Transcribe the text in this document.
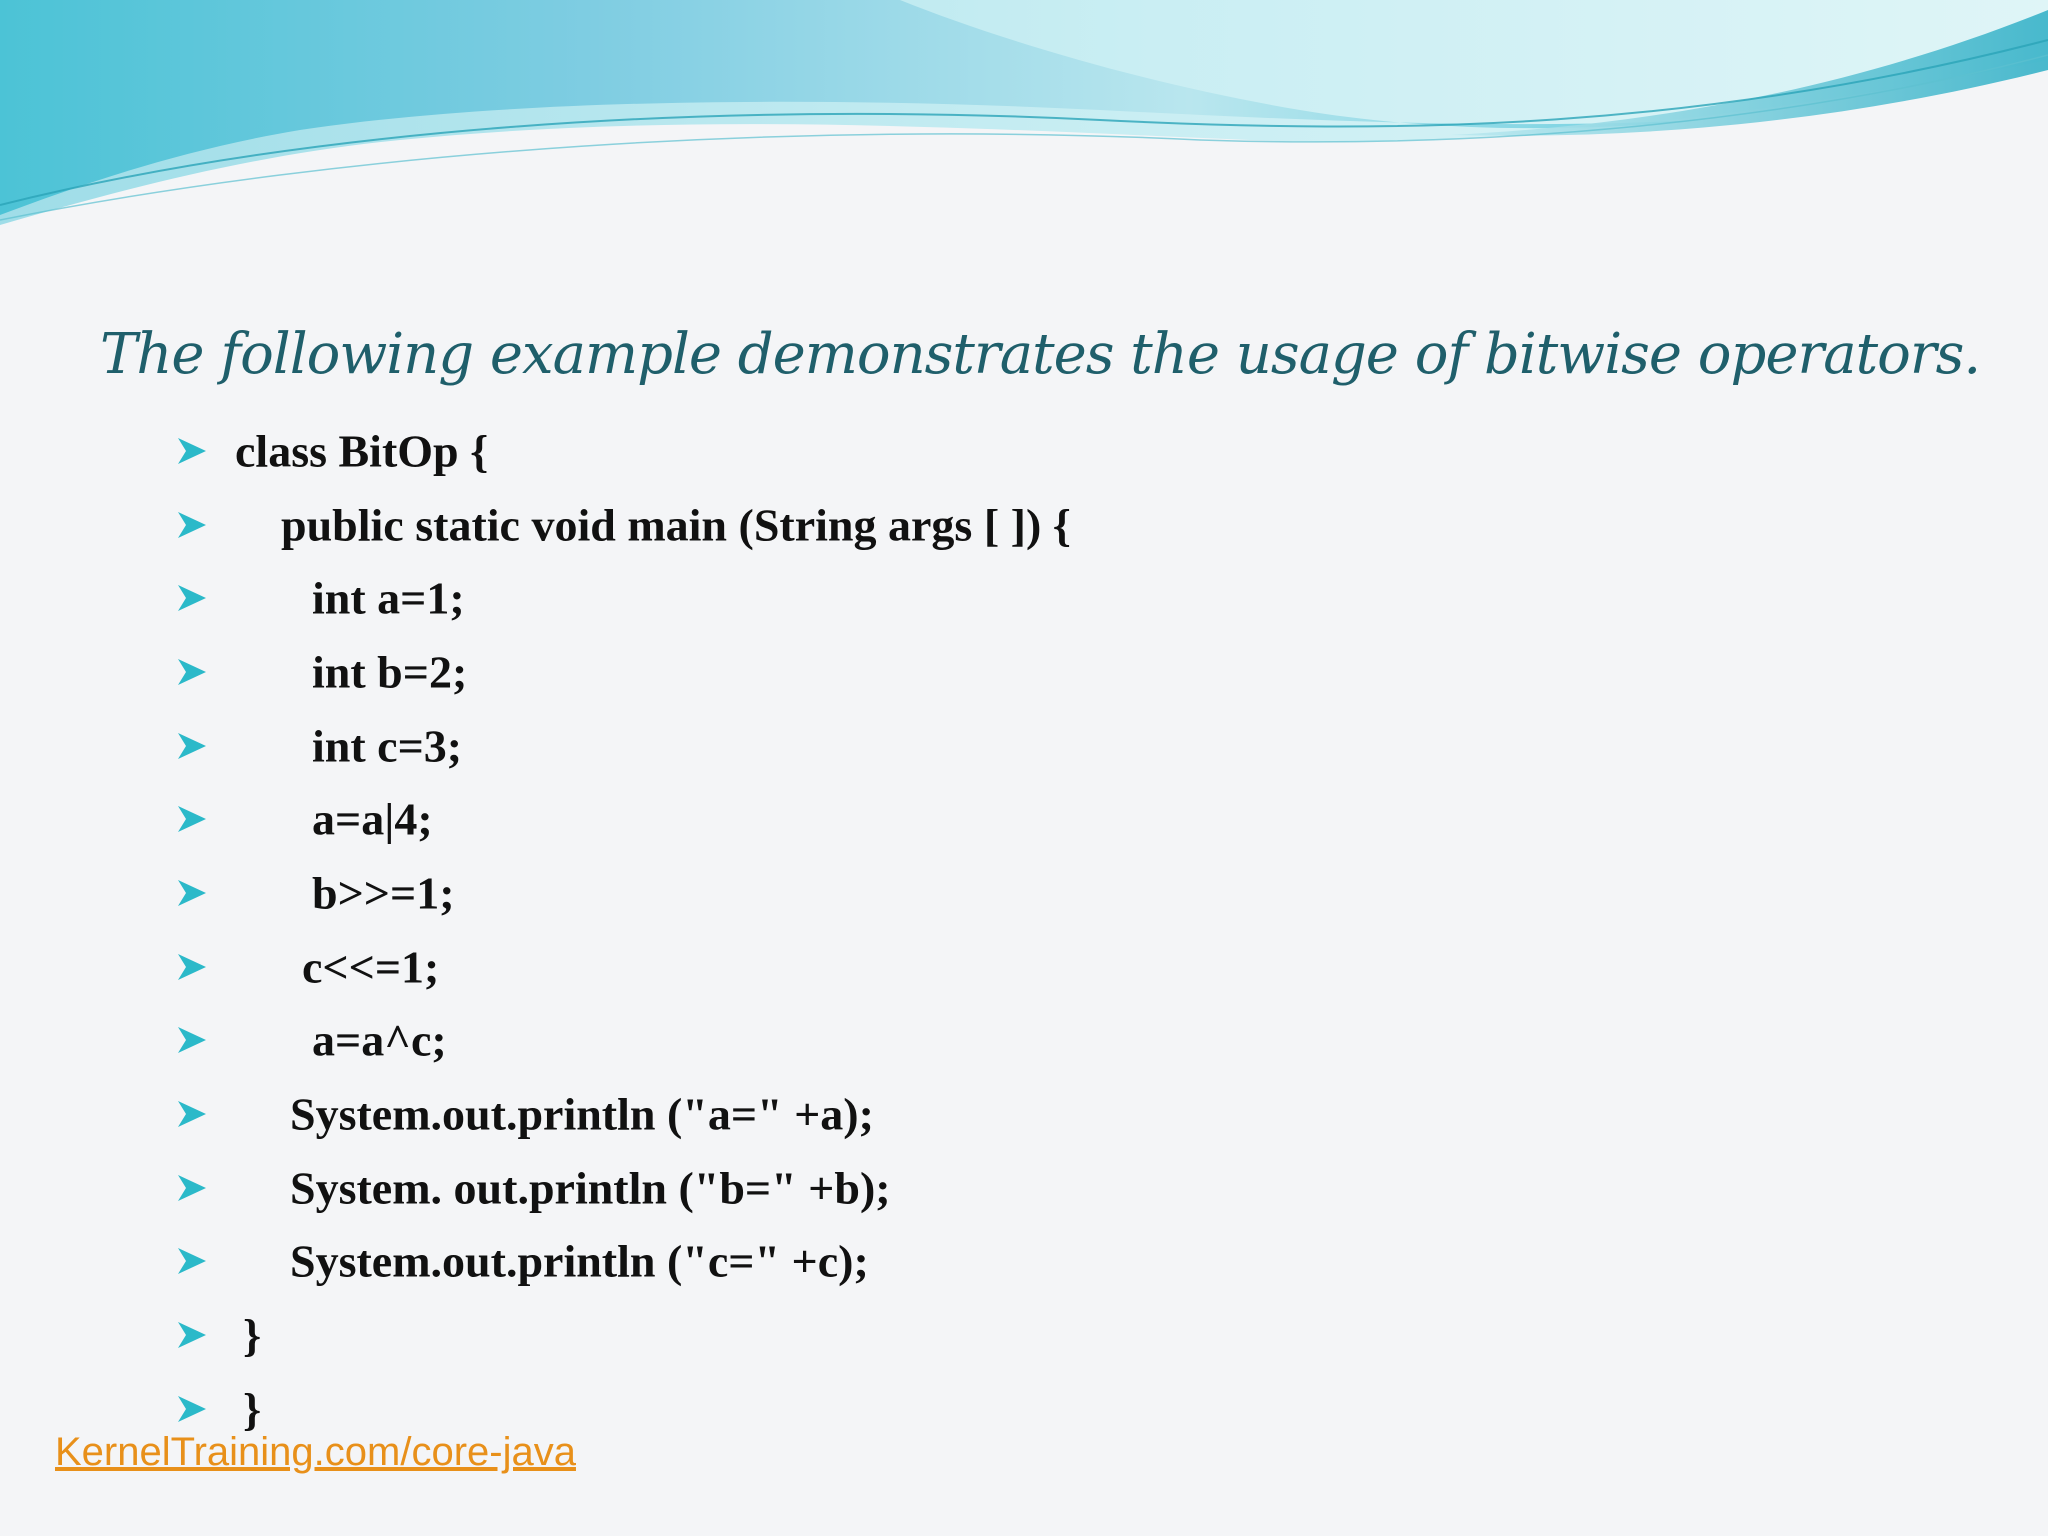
The following example demonstrates the usage of bitwise operators.
class BitOp {
public static void main (String args [ ]) {
int a=1;
int b=2;
int c=3;
a=a|4;
b>>=1;
c<<=1;
a=a^c;
System.out.println ("a=" +a);
System. out.println ("b=" +b);
System.out.println ("c=" +c);
}
}
KernelTraining.com/core-java
